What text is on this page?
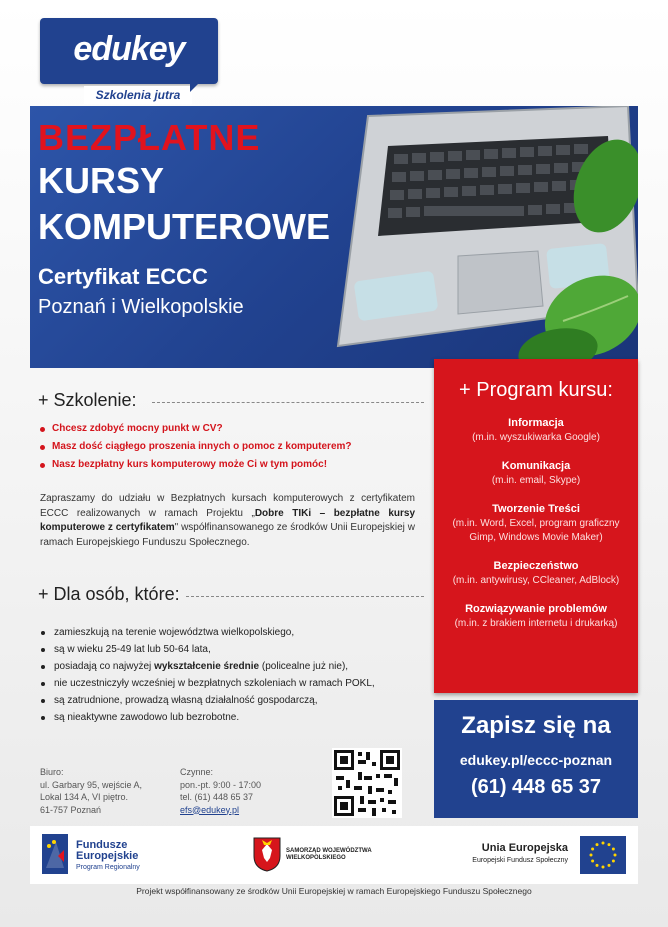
edukey
Szkolenia jutra
BEZPŁATNE
KURSY
KOMPUTEROWE
Certyfikat ECCC
Poznań i Wielkopolskie
+ Szkolenie:
Chcesz zdobyć mocny punkt w CV?
Masz dość ciągłego proszenia innych o pomoc z komputerem?
Nasz bezpłatny kurs komputerowy może Ci w tym pomóc!
Zapraszamy do udziału w Bezpłatnych kursach komputerowych z certyfikatem ECCC realizowanych w ramach Projektu „Dobre TIKi – bezpłatne kursy komputerowe z certyfikatem" współfinansowanego ze środków Unii Europejskiej w ramach Europejskiego Funduszu Społecznego.
+ Dla osób, które:
zamieszkują na terenie województwa wielkopolskiego,
są w wieku 25-49 lat lub 50-64 lata,
posiadają co najwyżej wykształcenie średnie (policealne już nie),
nie uczestniczyły wcześniej w bezpłatnych szkoleniach w ramach POKL,
są zatrudnione, prowadzą własną działalność gospodarczą,
są nieaktywne zawodowo lub bezrobotne.
+ Program kursu:
Informacja
(m.in. wyszukiwarka Google)
Komunikacja
(m.in. email, Skype)
Tworzenie Treści
(m.in. Word, Excel, program graficzny Gimp, Windows Movie Maker)
Bezpieczeństwo
(m.in. antywirusy, CCleaner, AdBlock)
Rozwiązywanie problemów
(m.in. z brakiem internetu i drukarką)
Zapisz się na
edukey.pl/eccc-poznan
(61) 448 65 37
Biuro:
ul. Garbary 95, wejście A,
Lokal 134 A, VI piętro.
61-757 Poznań
Czynne:
pon.-pt. 9:00 - 17:00
tel. (61) 448 65 37
efs@edukey.pl
Fundusze
Europejskie
Program Regionalny
SAMORZĄD WOJEWÓDZTWA
WIELKOPOLSKIEGO
Unia Europejska
Europejski Fundusz Społeczny
Projekt współfinansowany ze środków Unii Europejskiej w ramach Europejskiego Funduszu Społecznego
